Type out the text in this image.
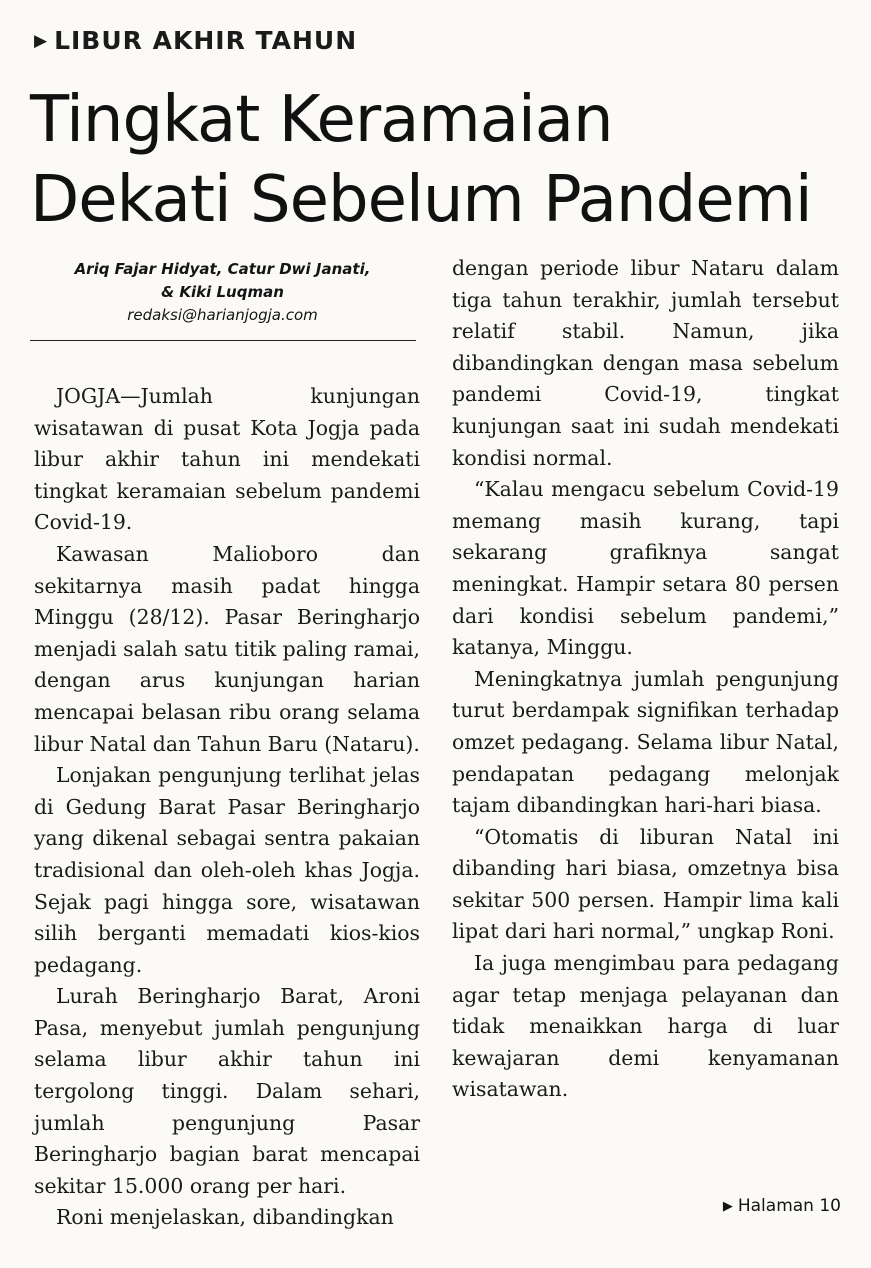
▶ LIBUR AKHIR TAHUN
Tingkat Keramaian
Dekati Sebelum Pandemi
Ariq Fajar Hidyat, Catur Dwi Janati,
& Kiki Luqman
redaksi@harianjogja.com

JOGJA—Jumlah kunjungan wisatawan di pusat Kota Jogja pada libur akhir tahun ini mendekati tingkat keramaian sebelum pandemi Covid-19.

Kawasan Malioboro dan sekitarnya masih padat hingga Minggu (28/12). Pasar Beringharjo menjadi salah satu titik paling ramai, dengan arus kunjungan harian mencapai belasan ribu orang selama libur Natal dan Tahun Baru (Nataru).

Lonjakan pengunjung terlihat jelas di Gedung Barat Pasar Beringharjo yang dikenal sebagai sentra pakaian tradisional dan oleh-oleh khas Jogja. Sejak pagi hingga sore, wisatawan silih berganti memadati kios-kios pedagang.

Lurah Beringharjo Barat, Aroni Pasa, menyebut jumlah pengunjung selama libur akhir tahun ini tergolong tinggi. Dalam sehari, jumlah pengunjung Pasar Beringharjo bagian barat mencapai sekitar 15.000 orang per hari.

Roni menjelaskan, dibandingkan

dengan periode libur Nataru dalam tiga tahun terakhir, jumlah tersebut relatif stabil. Namun, jika dibandingkan dengan masa sebelum pandemi Covid-19, tingkat kunjungan saat ini sudah mendekati kondisi normal.

“Kalau mengacu sebelum Covid-19 memang masih kurang, tapi sekarang grafiknya sangat meningkat. Hampir setara 80 persen dari kondisi sebelum pandemi,” katanya, Minggu.

Meningkatnya jumlah pengunjung turut berdampak signifikan terhadap omzet pedagang. Selama libur Natal, pendapatan pedagang melonjak tajam dibandingkan hari-hari biasa.

“Otomatis di liburan Natal ini dibanding hari biasa, omzetnya bisa sekitar 500 persen. Hampir lima kali lipat dari hari normal,” ungkap Roni.

Ia juga mengimbau para pedagang agar tetap menjaga pelayanan dan tidak menaikkan harga di luar kewajaran demi kenyamanan wisatawan.

▶ Halaman 10
